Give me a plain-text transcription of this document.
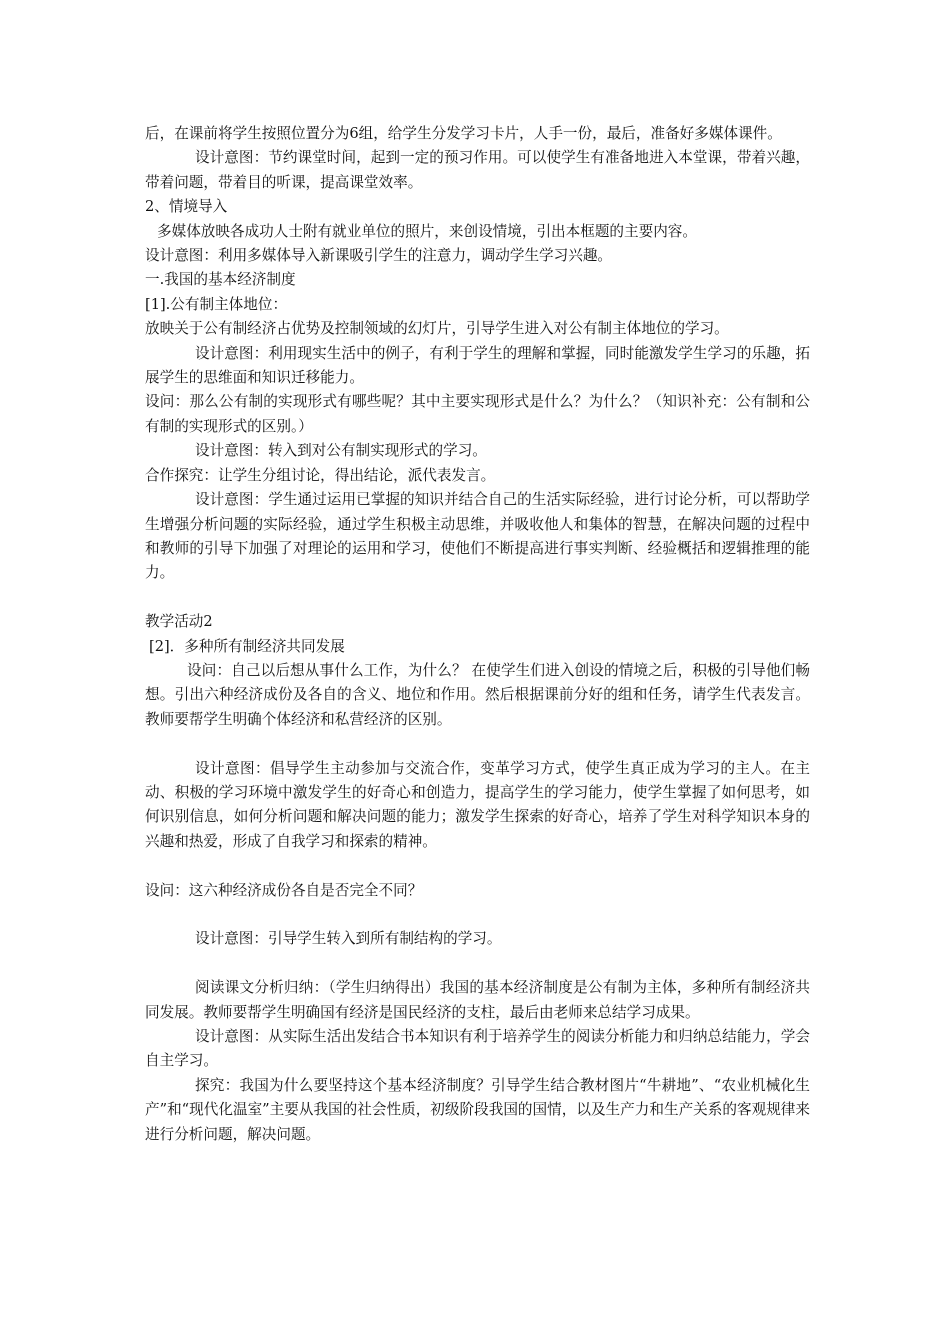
后，在课前将学生按照位置分为6组，给学生分发学习卡片，人手一份，最后，准备好多媒体课件。

设计意图：节约课堂时间，起到一定的预习作用。可以使学生有准备地进入本堂课，带着兴趣，带着问题，带着目的听课，提高课堂效率。

2、情境导入

多媒体放映各成功人士附有就业单位的照片，来创设情境，引出本框题的主要内容。

设计意图：利用多媒体导入新课吸引学生的注意力，调动学生学习兴趣。

一.我国的基本经济制度

[1].公有制主体地位：

放映关于公有制经济占优势及控制领域的幻灯片，引导学生进入对公有制主体地位的学习。

设计意图：利用现实生活中的例子，有利于学生的理解和掌握，同时能激发学生学习的乐趣，拓展学生的思维面和知识迁移能力。

设问：那么公有制的实现形式有哪些呢？其中主要实现形式是什么？为什么？（知识补充：公有制和公有制的实现形式的区别。）

设计意图：转入到对公有制实现形式的学习。

合作探究：让学生分组讨论，得出结论，派代表发言。

设计意图：学生通过运用已掌握的知识并结合自己的生活实际经验，进行讨论分析，可以帮助学生增强分析问题的实际经验，通过学生积极主动思维，并吸收他人和集体的智慧，在解决问题的过程中和教师的引导下加强了对理论的运用和学习，使他们不断提高进行事实判断、经验概括和逻辑推理的能力。

教学活动2

[2]．多种所有制经济共同发展

设问：自己以后想从事什么工作，为什么？ 在使学生们进入创设的情境之后，积极的引导他们畅想。引出六种经济成份及各自的含义、地位和作用。然后根据课前分好的组和任务，请学生代表发言。教师要帮学生明确个体经济和私营经济的区别。

设计意图：倡导学生主动参加与交流合作，变革学习方式，使学生真正成为学习的主人。在主动、积极的学习环境中激发学生的好奇心和创造力，提高学生的学习能力，使学生掌握了如何思考，如何识别信息，如何分析问题和解决问题的能力；激发学生探索的好奇心，培养了学生对科学知识本身的兴趣和热爱，形成了自我学习和探索的精神。

设问：这六种经济成份各自是否完全不同？

设计意图：引导学生转入到所有制结构的学习。

阅读课文分析归纳：（学生归纳得出）我国的基本经济制度是公有制为主体，多种所有制经济共同发展。教师要帮学生明确国有经济是国民经济的支柱，最后由老师来总结学习成果。

设计意图：从实际生活出发结合书本知识有利于培养学生的阅读分析能力和归纳总结能力，学会自主学习。

探究：我国为什么要坚持这个基本经济制度？引导学生结合教材图片“牛耕地”、“农业机械化生产”和“现代化温室”主要从我国的社会性质，初级阶段我国的国情，以及生产力和生产关系的客观规律来进行分析问题，解决问题。
